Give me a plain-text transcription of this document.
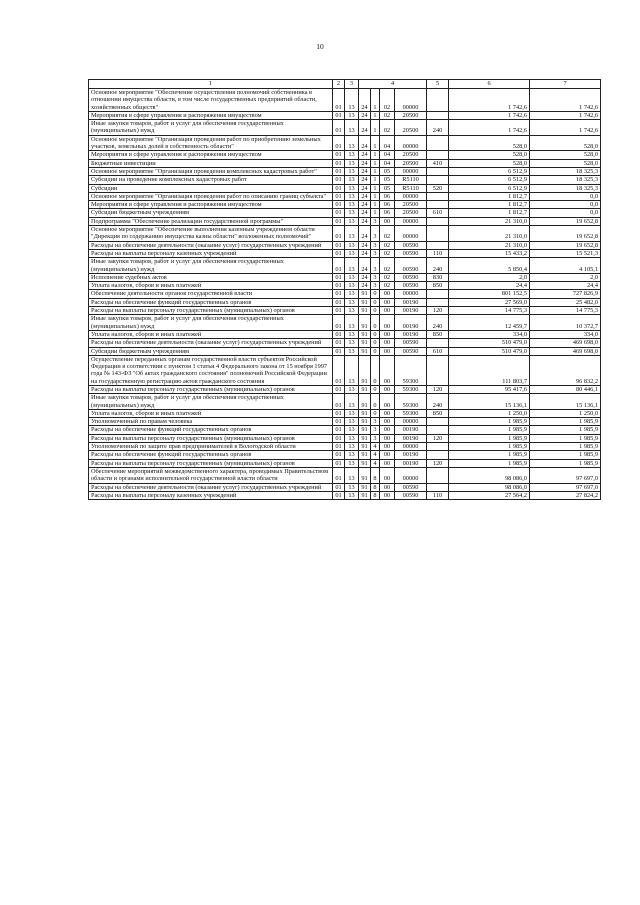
10
1	2	3	4				5	6	7
Основное мероприятие "Обеспечение осуществления полномочий собственника в отношении имущества области, в том числе государственных предприятий области, хозяйственных обществ"	01	13	24	1	02	00000		1 742,6	1 742,6
Мероприятия в сфере управления и распоряжения имуществом	01	13	24	1	02	20500		1 742,6	1 742,6
Иные закупки товаров, работ и услуг для обеспечения государственных (муниципальных) нужд	01	13	24	1	02	20500	240	1 742,6	1 742,6
Основное мероприятие "Организация проведения работ по приобретению земельных участков, земельных долей в собственность области"	01	13	24	1	04	00000		528,0	528,0
Мероприятия в сфере управления и распоряжения имуществом	01	13	24	1	04	20500		528,0	528,0
Бюджетные инвестиции	01	13	24	1	04	20500	410	528,0	528,0
Основное мероприятие "Организация проведения комплексных кадастровых работ"	01	13	24	1	05	00000		6 512,9	18 325,3
Субсидии на проведение комплексных кадастровых работ	01	13	24	1	05	R5110		6 512,9	18 325,3
Субсидии	01	13	24	1	05	R5110	520	6 512,9	18 325,3
Основное мероприятие "Организация проведения работ по описанию границ субъекта"	01	13	24	1	06	00000		1 812,7	0,0
Мероприятия в сфере управления и распоряжения имуществом	01	13	24	1	06	20500		1 812,7	0,0
Субсидии бюджетным учреждениям	01	13	24	1	06	20500	610	1 812,7	0,0
Подпрограмма "Обеспечение реализации государственной программы"	01	13	24	3	00	00000		21 310,0	19 652,8
Основное мероприятие "Обеспечение выполнения казенным учреждением области "Дирекция по содержанию имущества казны области" возложенных полномочий"	01	13	24	3	02	00000		21 310,0	19 652,8
Расходы на обеспечение деятельности (оказание услуг) государственных учреждений	01	13	24	3	02	00590		21 310,0	19 652,8
Расходы на выплаты персоналу казенных учреждений	01	13	24	3	02	00590	110	15 433,2	15 521,3
Иные закупки товаров, работ и услуг для обеспечения государственных (муниципальных) нужд	01	13	24	3	02	00590	240	5 850,4	4 105,1
Исполнение судебных актов	01	13	24	3	02	00590	830	2,0	2,0
Уплата налогов, сборов и иных платежей	01	13	24	3	02	00590	850	24,4	24,4
Обеспечение деятельности органов государственной власти	01	13	91	0	00	00000		801 152,5	727 826,9
Расходы на обеспечение функций государственных органов	01	13	91	0	00	00190		27 569,0	25 482,0
Расходы на выплаты персоналу государственных (муниципальных) органов	01	13	91	0	00	00190	120	14 775,3	14 775,3
Иные закупки товаров, работ и услуг для обеспечения государственных (муниципальных) нужд	01	13	91	0	00	00190	240	12 459,7	10 372,7
Уплата налогов, сборов и иных платежей	01	13	91	0	00	00190	850	334,0	334,0
Расходы на обеспечение деятельности (оказание услуг) государственных учреждений	01	13	91	0	00	00590		510 479,0	469 698,0
Субсидии бюджетным учреждениям	01	13	91	0	00	00590	610	510 479,0	469 698,0
Осуществление переданных органам государственной власти субъектов Российской Федерации в соответствии с пунктом 1 статьи 4 Федерального закона от 15 ноября 1997 года № 143-ФЗ "Об актах гражданского состояния" полномочий Российской Федерации на государственную регистрацию актов гражданского состояния	01	13	91	0	00	59300		111 803,7	96 832,2
Расходы на выплаты персоналу государственных (муниципальных) органов	01	13	91	0	00	59300	120	95 417,6	80 446,1
Иные закупки товаров, работ и услуг для обеспечения государственных (муниципальных) нужд	01	13	91	0	00	59300	240	15 136,1	15 136,1
Уплата налогов, сборов и иных платежей	01	13	91	0	00	59300	850	1 250,0	1 250,0
Уполномоченный по правам человека	01	13	91	3	00	00000		1 985,9	1 985,9
Расходы на обеспечение функций государственных органов	01	13	91	3	00	00190		1 985,9	1 985,9
Расходы на выплаты персоналу государственных (муниципальных) органов	01	13	91	3	00	00190	120	1 985,9	1 985,9
Уполномоченный по защите прав предпринимателей в Вологодской области	01	13	91	4	00	00000		1 985,9	1 985,9
Расходы на обеспечение функций государственных органов	01	13	91	4	00	00190		1 985,9	1 985,9
Расходы на выплаты персоналу государственных (муниципальных) органов	01	13	91	4	00	00190	120	1 985,9	1 985,9
Обеспечение мероприятий межведомственного характера, проводимых Правительством области и органами исполнительной государственной власти области	01	13	91	8	00	00000		98 086,0	97 697,0
Расходы на обеспечение деятельности (оказание услуг) государственных учреждений	01	13	91	8	00	00590		98 086,0	97 697,0
Расходы на выплаты персоналу казенных учреждений	01	13	91	8	00	00590	110	27 564,2	27 824,2
